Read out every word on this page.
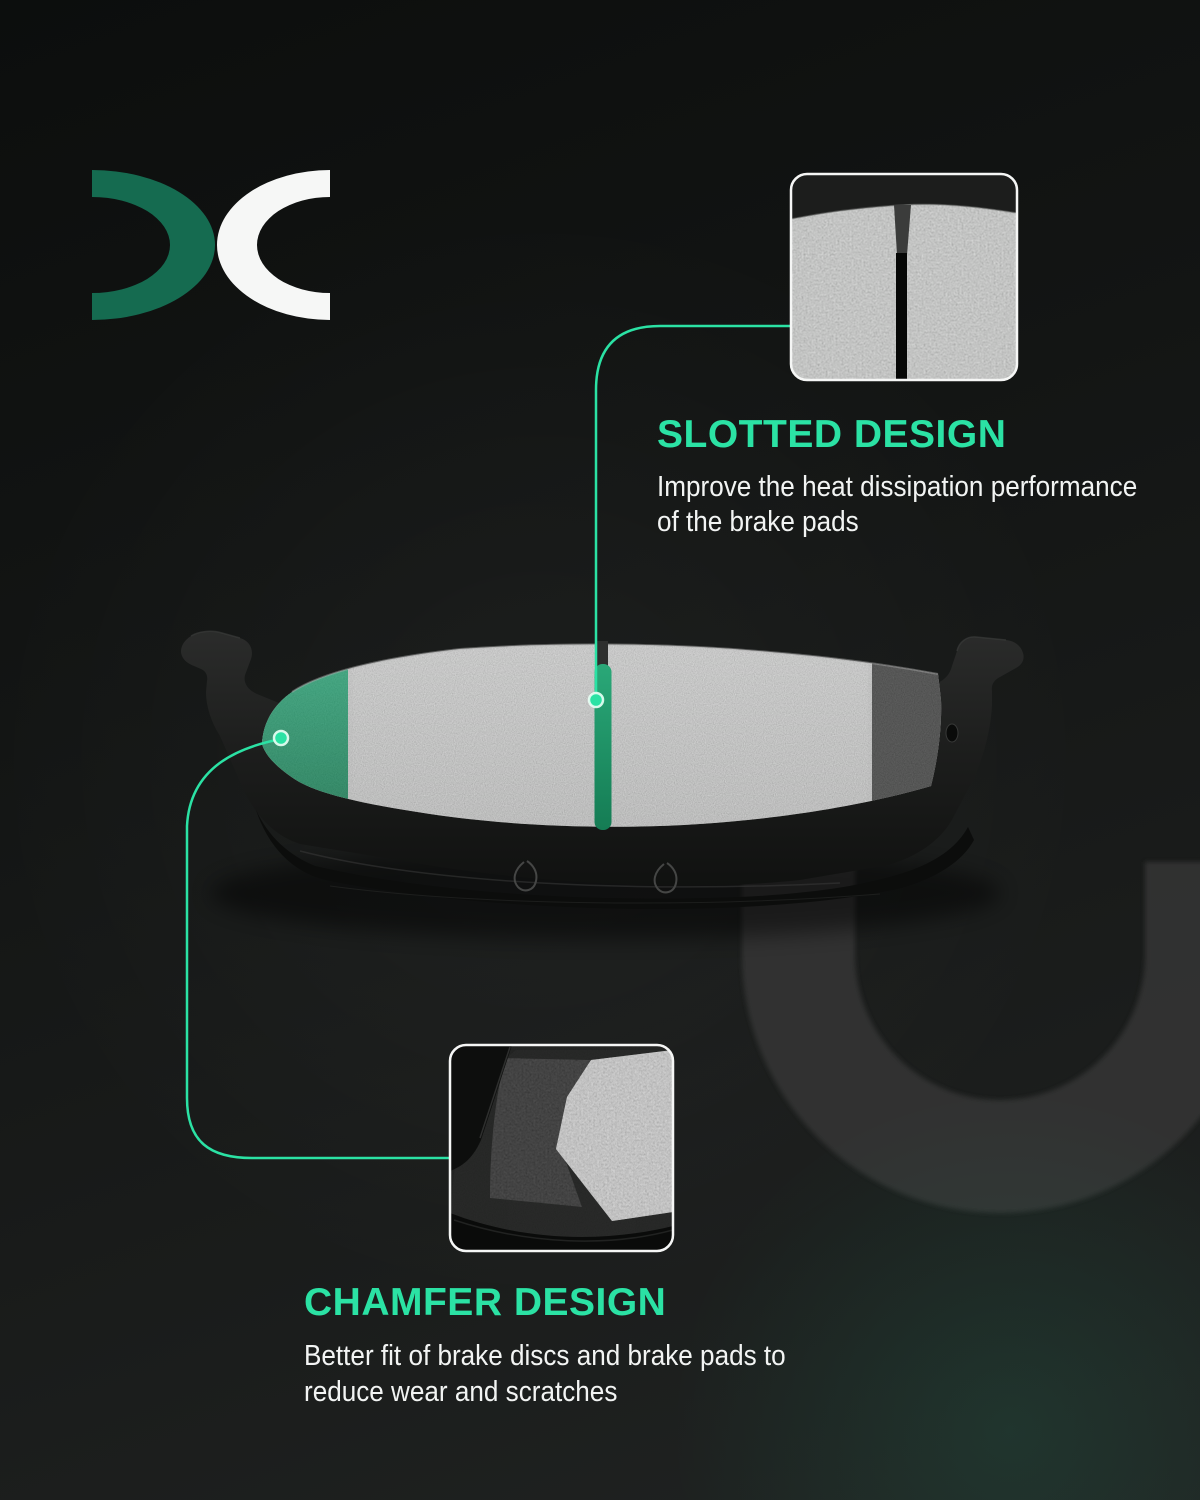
SLOTTED DESIGN
Improve the heat dissipation performance
of the brake pads
CHAMFER DESIGN
Better fit of brake discs and brake pads to
reduce wear and scratches
